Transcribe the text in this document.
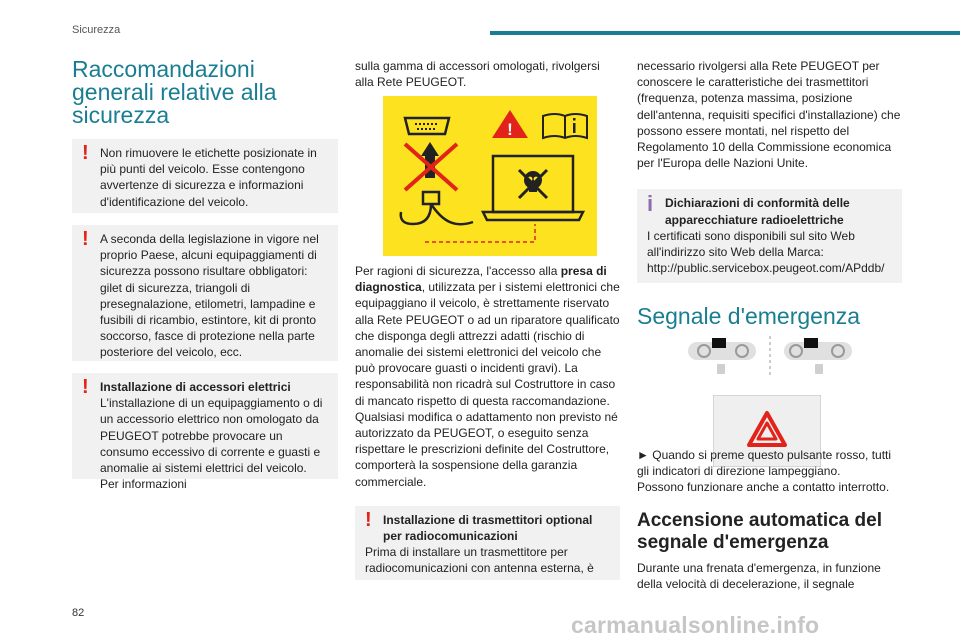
Sicurezza
Raccomandazioni generali relative alla sicurezza
! Non rimuovere le etichette posizionate in più punti del veicolo. Esse contengono avvertenze di sicurezza e informazioni d'identificazione del veicolo.

! A seconda della legislazione in vigore nel proprio Paese, alcuni equipaggiamenti di sicurezza possono risultare obbligatori: gilet di sicurezza, triangoli di presegnalazione, etilometri, lampadine e fusibili di ricambio, estintore, kit di pronto soccorso, fasce di protezione nella parte posteriore del veicolo, ecc.

! Installazione di accessori elettrici

L'installazione di un equipaggiamento o di un accessorio elettrico non omologato da PEUGEOT potrebbe provocare un consumo eccessivo di corrente e guasti e anomalie ai sistemi elettrici del veicolo. Per informazioni

sulla gamma di accessori omologati, rivolgersi alla Rete PEUGEOT.

!

Per ragioni di sicurezza, l'accesso alla presa di diagnostica, utilizzata per i sistemi elettronici che equipaggiano il veicolo, è strettamente riservato alla Rete PEUGEOT o ad un riparatore qualificato che disponga degli attrezzi adatti (rischio di anomalie dei sistemi elettronici del veicolo che può provocare guasti o incidenti gravi). La responsabilità non ricadrà sul Costruttore in caso di mancato rispetto di questa raccomandazione.

Qualsiasi modifica o adattamento non previsto né autorizzato da PEUGEOT, o eseguito senza rispettare le prescrizioni definite del Costruttore, comporterà la sospensione della garanzia commerciale.

! Installazione di trasmettitori optional per radiocomunicazioni

Prima di installare un trasmettitore per radiocomunicazioni con antenna esterna, è

necessario rivolgersi alla Rete PEUGEOT per conoscere le caratteristiche dei trasmettitori (frequenza, potenza massima, posizione dell'antenna, requisiti specifici d'installazione) che possono essere montati, nel rispetto del Regolamento 10 della Commissione economica per l'Europa delle Nazioni Unite.

i Dichiarazioni di conformità delle apparecchiature radioelettriche

I certificati sono disponibili sul sito Web all'indirizzo sito Web della Marca:

http://public.servicebox.peugeot.com/APddb/

Segnale d'emergenza

► Quando si preme questo pulsante rosso, tutti gli indicatori di direzione lampeggiano.

Possono funzionare anche a contatto interrotto.

Accensione automatica del segnale d'emergenza

Durante una frenata d'emergenza, in funzione della velocità di decelerazione, il segnale

82	carmanualsonline.info
